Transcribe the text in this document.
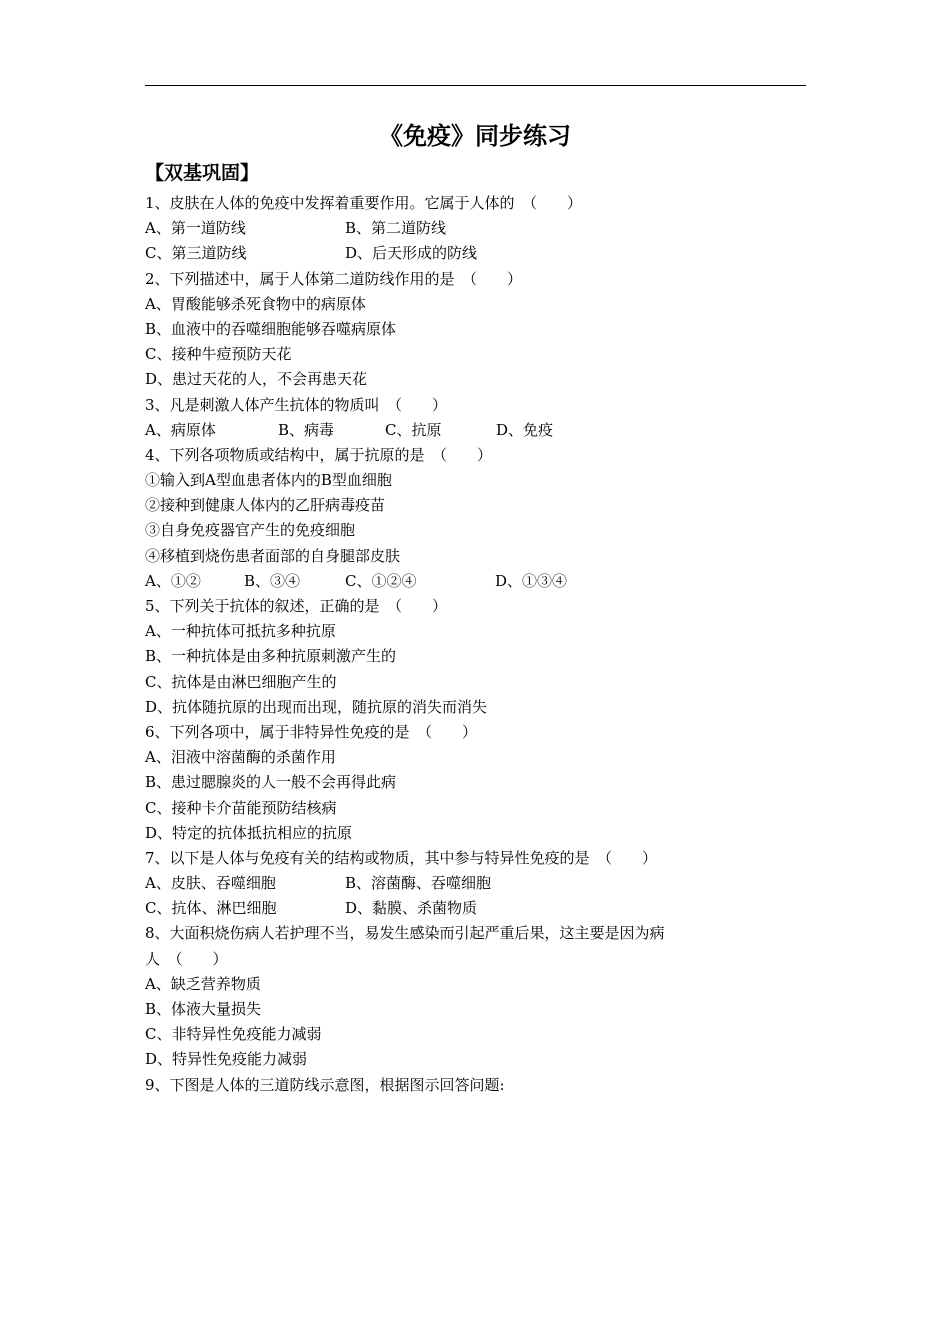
《免疫》同步练习
【双基巩固】
1、皮肤在人体的免疫中发挥着重要作用。它属于人体的　（　　）
A、第一道防线	B、第二道防线
C、第三道防线	D、后天形成的防线
2、下列描述中，属于人体第二道防线作用的是　（　　）
A、胃酸能够杀死食物中的病原体
B、血液中的吞噬细胞能够吞噬病原体
C、接种牛痘预防天花
D、患过天花的人，不会再患天花
3、凡是刺激人体产生抗体的物质叫　（　　）
A、病原体	B、病毒	C、抗原	D、免疫
4、下列各项物质或结构中，属于抗原的是　（　　）
①输入到A型血患者体内的B型血细胞
②接种到健康人体内的乙肝病毒疫苗
③自身免疫器官产生的免疫细胞
④移植到烧伤患者面部的自身腿部皮肤
A、①②	B、③④	C、①②④	D、①③④
5、下列关于抗体的叙述，正确的是　（　　）
A、一种抗体可抵抗多种抗原
B、一种抗体是由多种抗原刺激产生的
C、抗体是由淋巴细胞产生的
D、抗体随抗原的出现而出现，随抗原的消失而消失
6、下列各项中，属于非特异性免疫的是　（　　）
A、泪液中溶菌酶的杀菌作用
B、患过腮腺炎的人一般不会再得此病
C、接种卡介苗能预防结核病
D、特定的抗体抵抗相应的抗原
7、以下是人体与免疫有关的结构或物质，其中参与特异性免疫的是　（　　）
A、皮肤、吞噬细胞	B、溶菌酶、吞噬细胞
C、抗体、淋巴细胞	D、黏膜、杀菌物质
8、大面积烧伤病人若护理不当，易发生感染而引起严重后果，这主要是因为病
人　（　　）
A、缺乏营养物质
B、体液大量损失
C、非特异性免疫能力减弱
D、特异性免疫能力减弱
9、下图是人体的三道防线示意图，根据图示回答问题:
